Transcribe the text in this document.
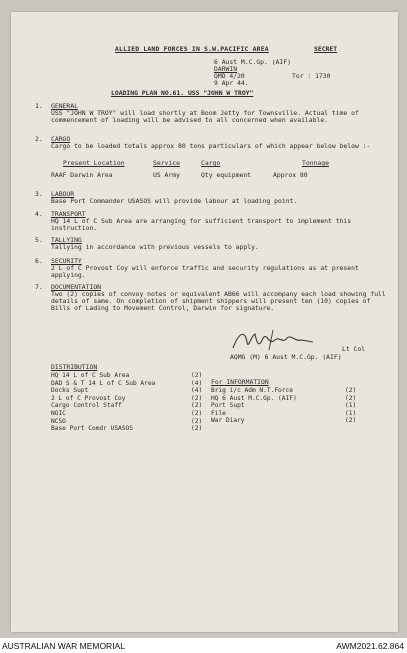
ALLIED LAND FORCES IN S.W.PACIFIC AREA	SECRET
6 Aust M.C.Gp. (AIF)
DARWIN
QMD 4/20	Tor : 1730
9 Apr 44.
LOADING PLAN NO.61. USS "JOHN W TROY"
1. GENERAL
USS "JOHN W TROY" will load shortly at Boom Jetty for Townsville. Actual time of commencement of loading will be advised to all concerned when available.
2. CARGO
Cargo to be loaded totals approx 80 tons particulars of which appear below below :-
Present Location	Service	Cargo	Tonnage
RAAF Darwin Area	US Army	Qty equipment	Approx 80
3. LABOUR
Base Port Commander USASOS will provide labour at loading point.
4. TRANSPORT
HQ 14 L of C Sub Area are arranging for sufficient transport to implement this instruction.
5. TALLYING
Tallying in accordance with previous vessels to apply.
6. SECURITY
2 L of C Provost Coy will enforce traffic and security regulations as at present applying.
7. DOCUMENTATION
Two (2) copies of convoy notes or equivalent AB66 will accompany each load showing full details of same. On completion of shipment shippers will present ten (10) copies of Bills of Lading to Movement Control, Darwin for signature.
Lt Col
AQMG (M) 6 Aust M.C.Gp. (AIF)
DISTRIBUTION
HQ 14 L of C Sub Area	(2)
DAD S & T 14 L of C Sub Area	(4)
Docks Supt	(4)
2 L of C Provost Coy	(2)
Cargo Control Staff	(2)
NOIC	(2)
NCSO	(2)
Base Port Comdr USASOS	(2)
For INFORMATION
Brig i/c Adm N.T.Force	(2)
HQ 6 Aust M.C.Gp. (AIF)	(2)
Port Supt	(1)
File	(1)
War Diary	(2)
AUSTRALIAN WAR MEMORIAL	AWM2021.62.864
